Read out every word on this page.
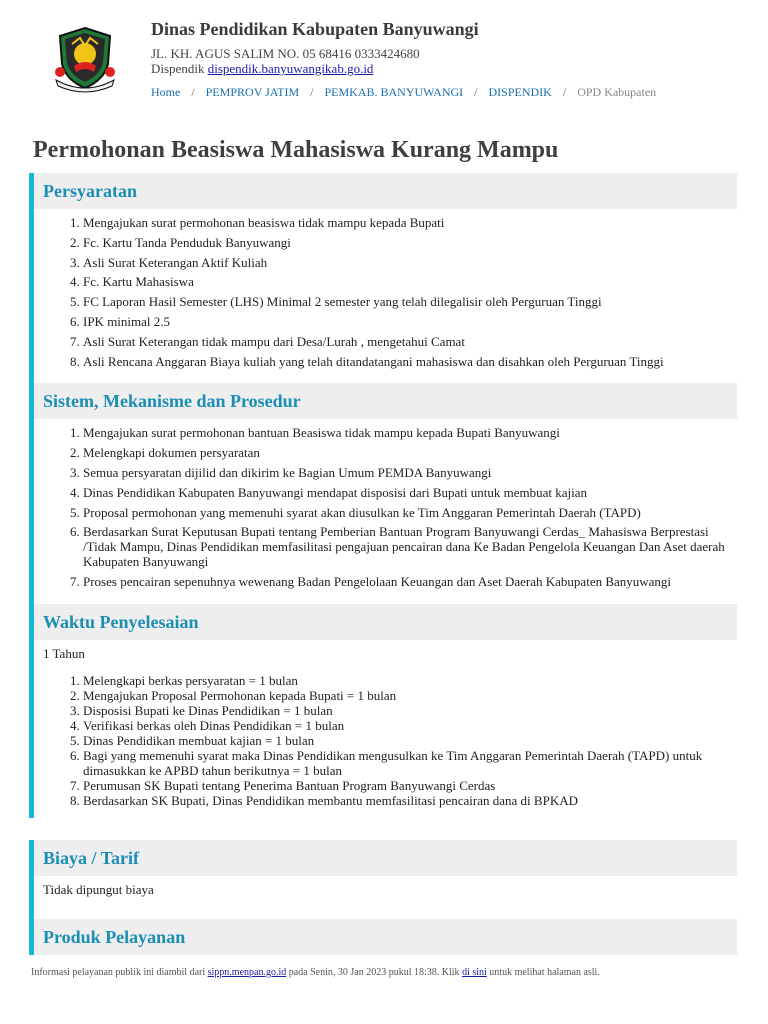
Dinas Pendidikan Kabupaten Banyuwangi
JL. KH. AGUS SALIM NO. 05 68416 0333424680
Dispendik dispendik.banyuwangikab.go.id
Home / PEMPROV JATIM / PEMKAB. BANYUWANGI / DISPENDIK / OPD Kabupaten
Permohonan Beasiswa Mahasiswa Kurang Mampu
Persyaratan
1. Mengajukan surat permohonan beasiswa tidak mampu kepada Bupati
2. Fc. Kartu Tanda Penduduk Banyuwangi
3. Asli Surat Keterangan Aktif Kuliah
4. Fc. Kartu Mahasiswa
5. FC Laporan Hasil Semester (LHS) Minimal 2 semester yang telah dilegalisir oleh Perguruan Tinggi
6. IPK minimal 2.5
7. Asli Surat Keterangan tidak mampu dari Desa/Lurah , mengetahui Camat
8. Asli Rencana Anggaran Biaya kuliah yang telah ditandatangani mahasiswa dan disahkan oleh Perguruan Tinggi
Sistem, Mekanisme dan Prosedur
1. Mengajukan surat permohonan bantuan Beasiswa tidak mampu kepada Bupati Banyuwangi
2. Melengkapi dokumen persyaratan
3. Semua persyaratan dijilid dan dikirim ke Bagian Umum PEMDA Banyuwangi
4. Dinas Pendidikan Kabupaten Banyuwangi mendapat disposisi dari Bupati untuk membuat kajian
5. Proposal permohonan yang memenuhi syarat akan diusulkan ke Tim Anggaran Pemerintah Daerah (TAPD)
6. Berdasarkan Surat Keputusan Bupati tentang Pemberian Bantuan Program Banyuwangi Cerdas_ Mahasiswa Berprestasi /Tidak Mampu, Dinas Pendidikan memfasilitasi pengajuan pencairan dana Ke Badan Pengelola Keuangan Dan Aset daerah Kabupaten Banyuwangi
7. Proses pencairan sepenuhnya wewenang Badan Pengelolaan Keuangan dan Aset Daerah Kabupaten Banyuwangi
Waktu Penyelesaian

1 Tahun

1. Melengkapi berkas persyaratan = 1 bulan
2. Mengajukan Proposal Permohonan kepada Bupati = 1 bulan
3. Disposisi Bupati ke Dinas Pendidikan = 1 bulan
4. Verifikasi berkas oleh Dinas Pendidikan = 1 bulan
5. Dinas Pendidikan membuat kajian = 1 bulan
6. Bagi yang memenuhi syarat maka Dinas Pendidikan mengusulkan ke Tim Anggaran Pemerintah Daerah (TAPD) untuk dimasukkan ke APBD tahun berikutnya = 1 bulan
7. Perumusan SK Bupati tentang Penerima Bantuan Program Banyuwangi Cerdas
8. Berdasarkan SK Bupati, Dinas Pendidikan membantu memfasilitasi pencairan dana di BPKAD
Biaya / Tarif

Tidak dipungut biaya

Produk Pelayanan
Informasi pelayanan publik ini diambil dari sippn.menpan.go.id pada Senin, 30 Jan 2023 pukul 18:38. Klik di sini untuk melihat halaman asli.
